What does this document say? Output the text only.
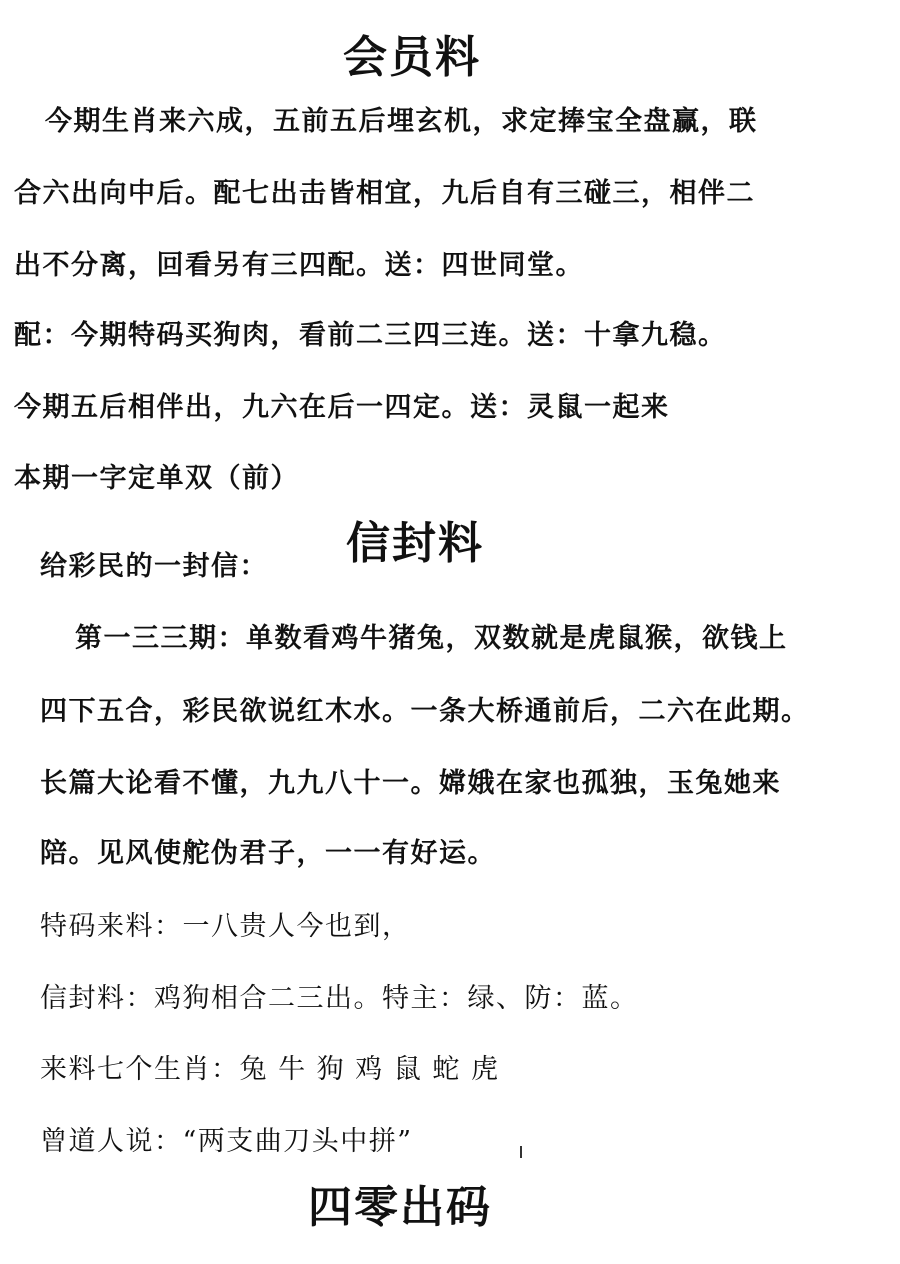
会员料
今期生肖来六成，五前五后埋玄机，求定捧宝全盘赢，联
合六出向中后。配七出击皆相宜，九后自有三碰三，相伴二
出不分离，回看另有三四配。送：四世同堂。
配：今期特码买狗肉，看前二三四三连。送：十拿九稳。
今期五后相伴出，九六在后一四定。送：灵鼠一起来
本期一字定单双（前）
给彩民的一封信： 信封料
第一三三期：单数看鸡牛猪兔，双数就是虎鼠猴，欲钱上
四下五合，彩民欲说红木水。一条大桥通前后，二六在此期。
长篇大论看不懂，九九八十一。嫦娥在家也孤独，玉兔她来
陪。见风使舵伪君子，一一有好运。
特码来料：一八贵人今也到，
信封料：鸡狗相合二三出。特主：绿、防：蓝。
来料七个生肖：兔 牛 狗 鸡 鼠 蛇 虎
曾道人说：“两支曲刀头中拼”
四零出码
